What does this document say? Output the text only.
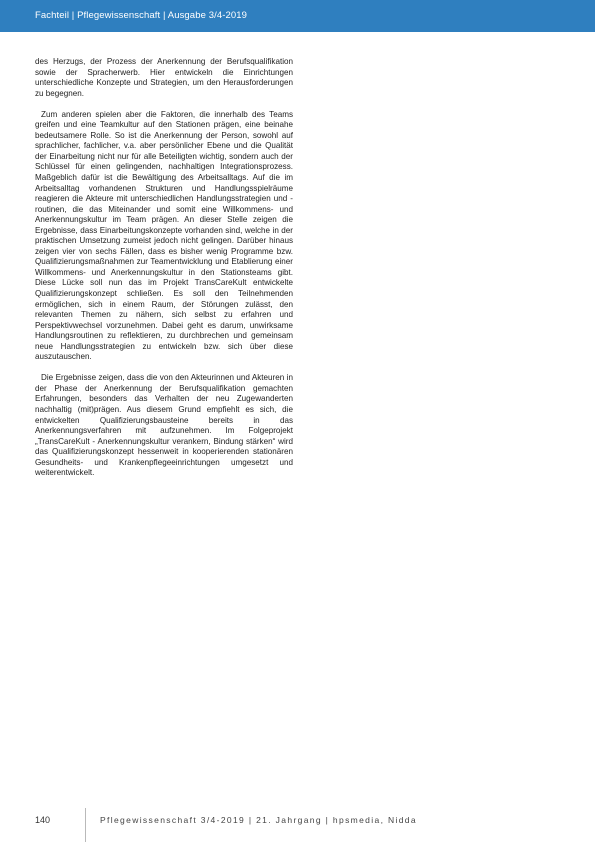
Fachteil | Pflegewissenschaft | Ausgabe 3/4-2019

des Herzugs, der Prozess der Anerkennung der Berufsqualifikation sowie der Spracherwerb. Hier entwickeln die Einrichtungen unterschiedliche Konzepte und Strategien, um den Herausforderungen zu begegnen.

Zum anderen spielen aber die Faktoren, die innerhalb des Teams greifen und eine Teamkultur auf den Stationen prägen, eine beinahe bedeutsamere Rolle. So ist die Anerkennung der Person, sowohl auf sprachlicher, fachlicher, v.a. aber persönlicher Ebene und die Qualität der Einarbeitung nicht nur für alle Beteiligten wichtig, sondern auch der Schlüssel für einen gelingenden, nachhaltigen Integrationsprozess. Maßgeblich dafür ist die Bewältigung des Arbeitsalltags. Auf die im Arbeitsalltag vorhandenen Strukturen und Handlungsspielräume reagieren die Akteure mit unterschiedlichen Handlungsstrategien und -routinen, die das Miteinander und somit eine Willkommens- und Anerkennungskultur im Team prägen. An dieser Stelle zeigen die Ergebnisse, dass Einarbeitungskonzepte vorhanden sind, welche in der praktischen Umsetzung zumeist jedoch nicht gelingen. Darüber hinaus zeigen vier von sechs Fällen, dass es bisher wenig Programme bzw. Qualifizierungsmaßnahmen zur Teamentwicklung und Etablierung einer Willkommens- und Anerkennungskultur in den Stationsteams gibt. Diese Lücke soll nun das im Projekt TransCareKult entwickelte Qualifizierungskonzept schließen. Es soll den Teilnehmenden ermöglichen, sich in einem Raum, der Störungen zulässt, den relevanten Themen zu nähern, sich selbst zu erfahren und Perspektivwechsel vorzunehmen. Dabei geht es darum, unwirksame Handlungsroutinen zu reflektieren, zu durchbrechen und gemeinsam neue Handlungsstrategien zu entwickeln bzw. sich über diese auszutauschen.

Die Ergebnisse zeigen, dass die von den Akteurinnen und Akteuren in der Phase der Anerkennung der Berufsqualifikation gemachten Erfahrungen, besonders das Verhalten der neu Zugewanderten nachhaltig (mit)prägen. Aus diesem Grund empfiehlt es sich, die entwickelten Qualifizierungsbausteine bereits in das Anerkennungsverfahren mit aufzunehmen. Im Folgeprojekt „TransCareKult - Anerkennungskultur verankern, Bindung stärken“ wird das Qualifizierungskonzept hessenweit in kooperierenden stationären Gesundheits- und Krankenpflegeeinrichtungen umgesetzt und weiterentwickelt.

140	Pflegewissenschaft 3/4-2019 | 21. Jahrgang | hpsmedia, Nidda
